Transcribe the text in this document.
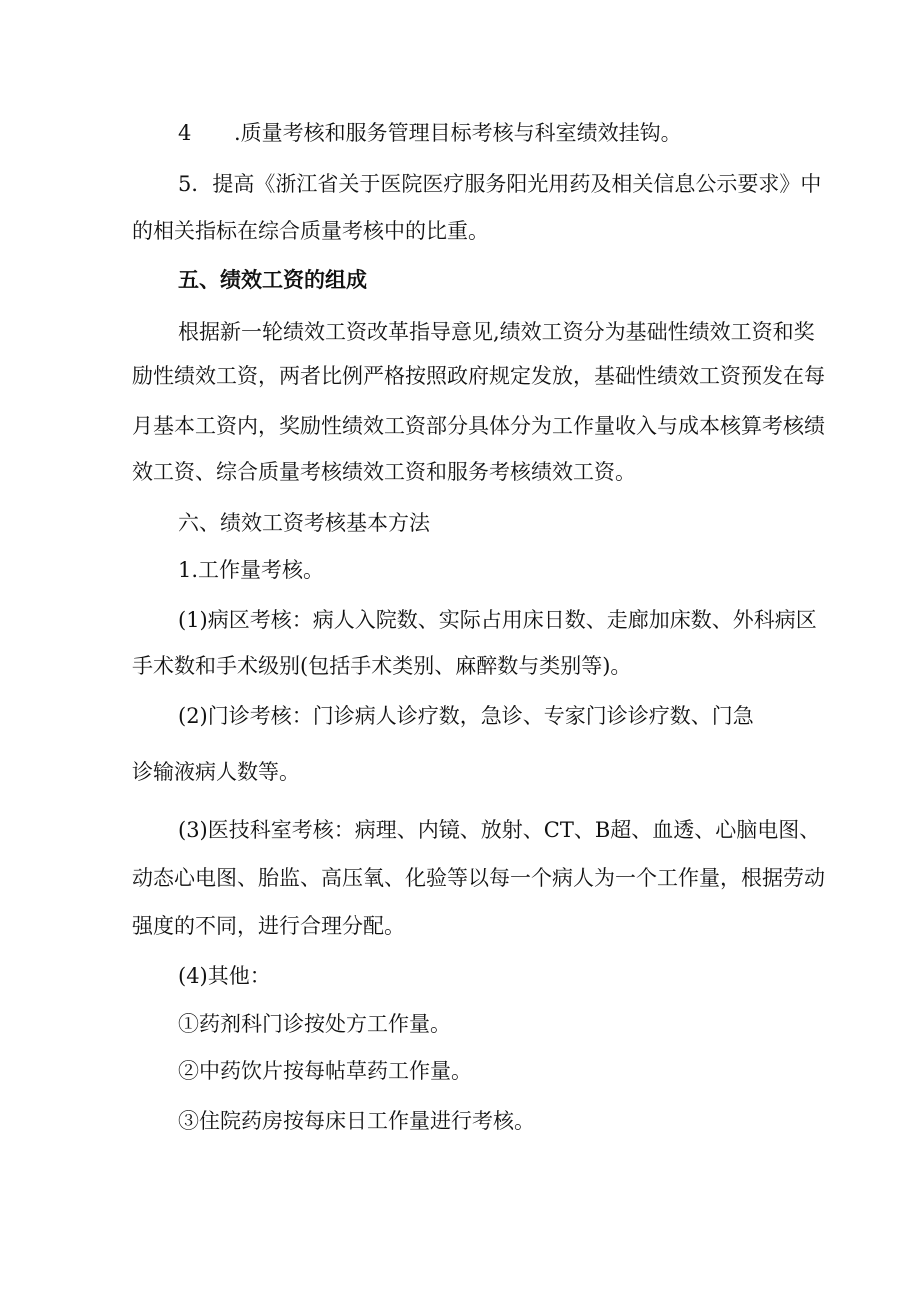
4 .质量考核和服务管理目标考核与科室绩效挂钩。
5．提高《浙江省关于医院医疗服务阳光用药及相关信息公示要求》中
的相关指标在综合质量考核中的比重。
五、绩效工资的组成
根据新一轮绩效工资改革指导意见,绩效工资分为基础性绩效工资和奖
励性绩效工资，两者比例严格按照政府规定发放，基础性绩效工资预发在每
月基本工资内，奖励性绩效工资部分具体分为工作量收入与成本核算考核绩
效工资、综合质量考核绩效工资和服务考核绩效工资。
六、绩效工资考核基本方法
1.工作量考核。
(1)病区考核：病人入院数、实际占用床日数、走廊加床数、外科病区
手术数和手术级别(包括手术类别、麻醉数与类别等)。
(2)门诊考核：门诊病人诊疗数，急诊、专家门诊诊疗数、门急
诊输液病人数等。
(3)医技科室考核：病理、内镜、放射、CT、B超、血透、心脑电图、
动态心电图、胎监、高压氧、化验等以每一个病人为一个工作量，根据劳动
强度的不同，进行合理分配。
(4)其他：
①药剂科门诊按处方工作量。
②中药饮片按每帖草药工作量。
③住院药房按每床日工作量进行考核。
